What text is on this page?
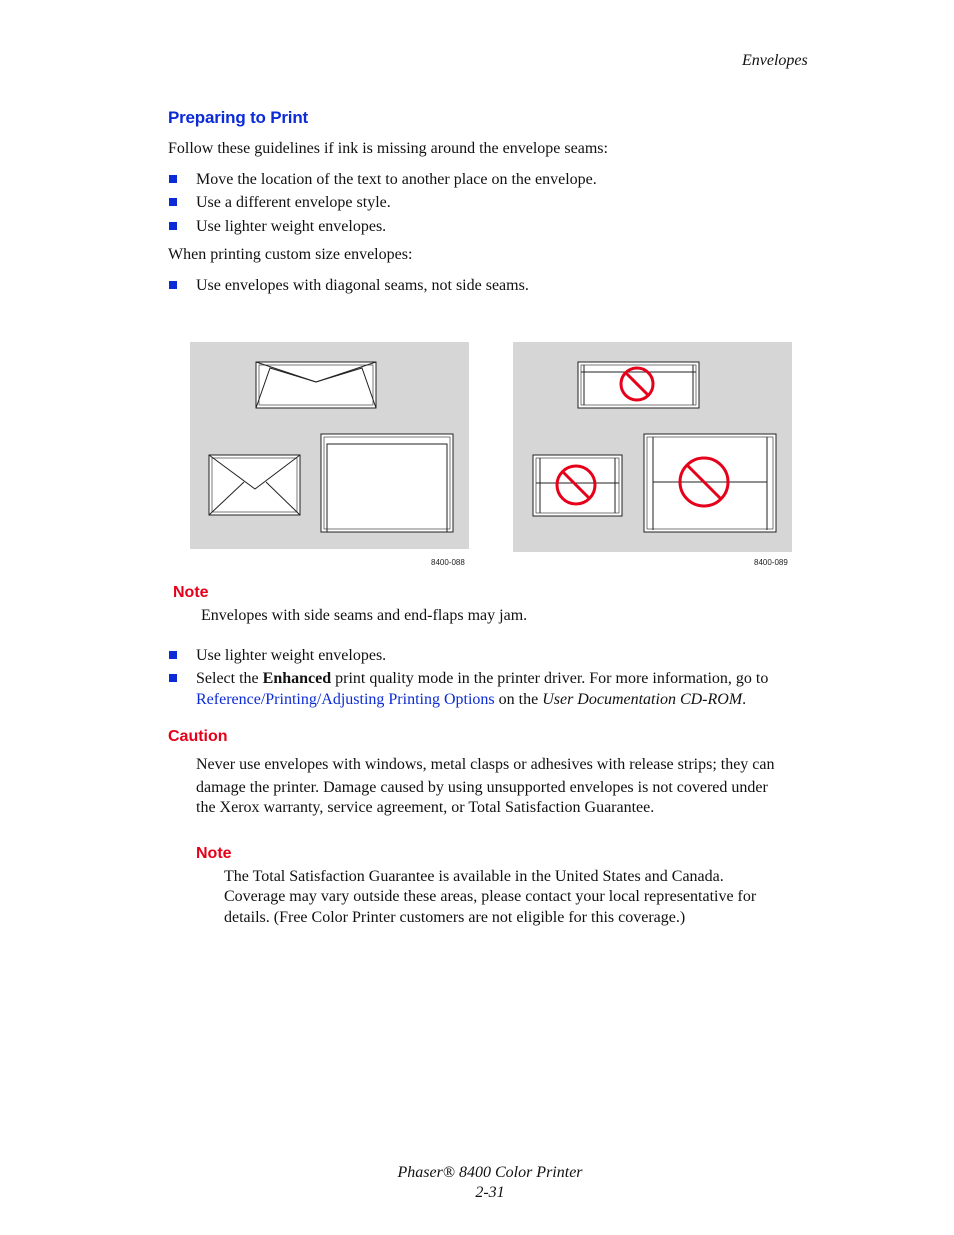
Envelopes
Preparing to Print
Follow these guidelines if ink is missing around the envelope seams:
Move the location of the text to another place on the envelope.
Use a different envelope style.
Use lighter weight envelopes.
When printing custom size envelopes:
Use envelopes with diagonal seams, not side seams.
8400-088	8400-089
Note
Envelopes with side seams and end-flaps may jam.
Use lighter weight envelopes.
Select the Enhanced print quality mode in the printer driver. For more information, go to
Reference/Printing/Adjusting Printing Options on the User Documentation CD-ROM.
Caution
Never use envelopes with windows, metal clasps or adhesives with release strips; they can
damage the printer. Damage caused by using unsupported envelopes is not covered under
the Xerox warranty, service agreement, or Total Satisfaction Guarantee.
Note
The Total Satisfaction Guarantee is available in the United States and Canada.
Coverage may vary outside these areas, please contact your local representative for
details. (Free Color Printer customers are not eligible for this coverage.)
Phaser® 8400 Color Printer
2-31
